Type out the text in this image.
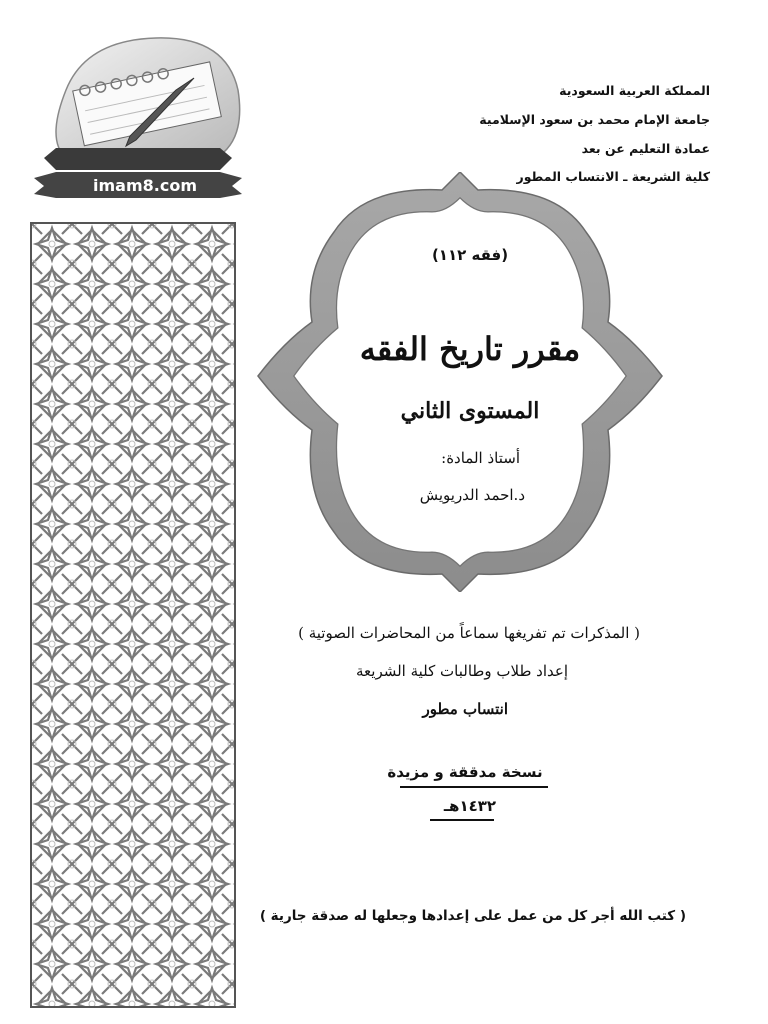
imam8.com
مكتبة منتسبي الشريعة
المملكة العربية السعودية
جامعة الإمام محمد بن سعود الإسلامية
عمادة التعليم عن بعد
كلية الشريعة ـ الانتساب المطور
(فقه ١١٢)
مقرر تاريخ الفقه
المستوى الثاني
أستاذ المادة:
د.احمد الدريويش
( المذكرات تم تفريغها سماعاً من المحاضرات الصوتية )
إعداد طلاب وطالبات كلية الشريعة
انتساب مطور
نسخة مدققة و مزيدة
١٤٣٢هـ
( كتب الله أجر كل من عمل على إعدادها وجعلها له صدقة جارية )
